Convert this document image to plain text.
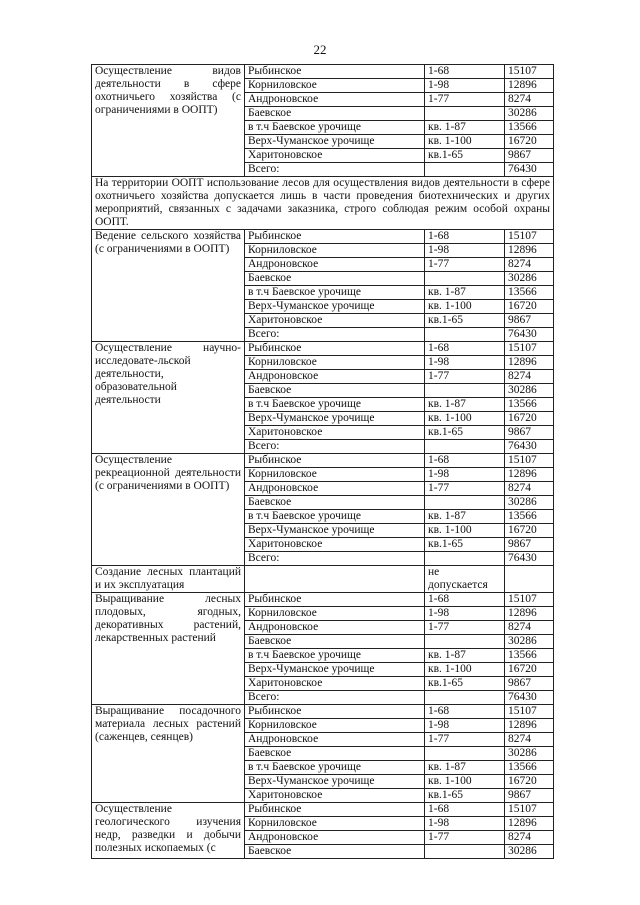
22
Осуществление видов деятельности в сфере охотничьего хозяйства (с ограничениями в ООПТ)	Рыбинское	1-68	15107
	Корниловское	1-98	12896
	Андроновское	1-77	8274
	Баевское		30286
	в т.ч Баевское урочище	кв. 1-87	13566
	Верх-Чуманское урочище	кв. 1-100	16720
	Харитоновское	кв.1-65	9867
	Всего:		76430
На территории ООПТ использование лесов для осуществления видов деятельности в сфере охотничьего хозяйства допускается лишь в части проведения биотехнических и других мероприятий, связанных с задачами заказника, строго соблюдая режим особой охраны ООПТ.			
Ведение сельского хозяйства (с ограничениями в ООПТ)	Рыбинское	1-68	15107
	Корниловское	1-98	12896
	Андроновское	1-77	8274
	Баевское		30286
	в т.ч Баевское урочище	кв. 1-87	13566
	Верх-Чуманское урочище	кв. 1-100	16720
	Харитоновское	кв.1-65	9867
	Всего:		76430
Осуществление научно-исследовате-льской деятельности, образовательной деятельности	Рыбинское	1-68	15107
	Корниловское	1-98	12896
	Андроновское	1-77	8274
	Баевское		30286
	в т.ч Баевское урочище	кв. 1-87	13566
	Верх-Чуманское урочище	кв. 1-100	16720
	Харитоновское	кв.1-65	9867
	Всего:		76430
Осуществление рекреационной деятельности (с ограничениями в ООПТ)	Рыбинское	1-68	15107
	Корниловское	1-98	12896
	Андроновское	1-77	8274
	Баевское		30286
	в т.ч Баевское урочище	кв. 1-87	13566
	Верх-Чуманское урочище	кв. 1-100	16720
	Харитоновское	кв.1-65	9867
	Всего:		76430
Создание лесных плантаций и их эксплуатация		не допускается	
Выращивание лесных плодовых, ягодных, декоративных растений, лекарственных растений	Рыбинское	1-68	15107
	Корниловское	1-98	12896
	Андроновское	1-77	8274
	Баевское		30286
	в т.ч Баевское урочище	кв. 1-87	13566
	Верх-Чуманское урочище	кв. 1-100	16720
	Харитоновское	кв.1-65	9867
	Всего:		76430
Выращивание посадочного материала лесных растений (саженцев, сеянцев)	Рыбинское	1-68	15107
	Корниловское	1-98	12896
	Андроновское	1-77	8274
	Баевское		30286
	в т.ч Баевское урочище	кв. 1-87	13566
	Верх-Чуманское урочище	кв. 1-100	16720
	Харитоновское	кв.1-65	9867
Осуществление геологического изучения недр, разведки и добычи полезных ископаемых (с	Рыбинское	1-68	15107
	Корниловское	1-98	12896
	Андроновское	1-77	8274
	Баевское		30286
